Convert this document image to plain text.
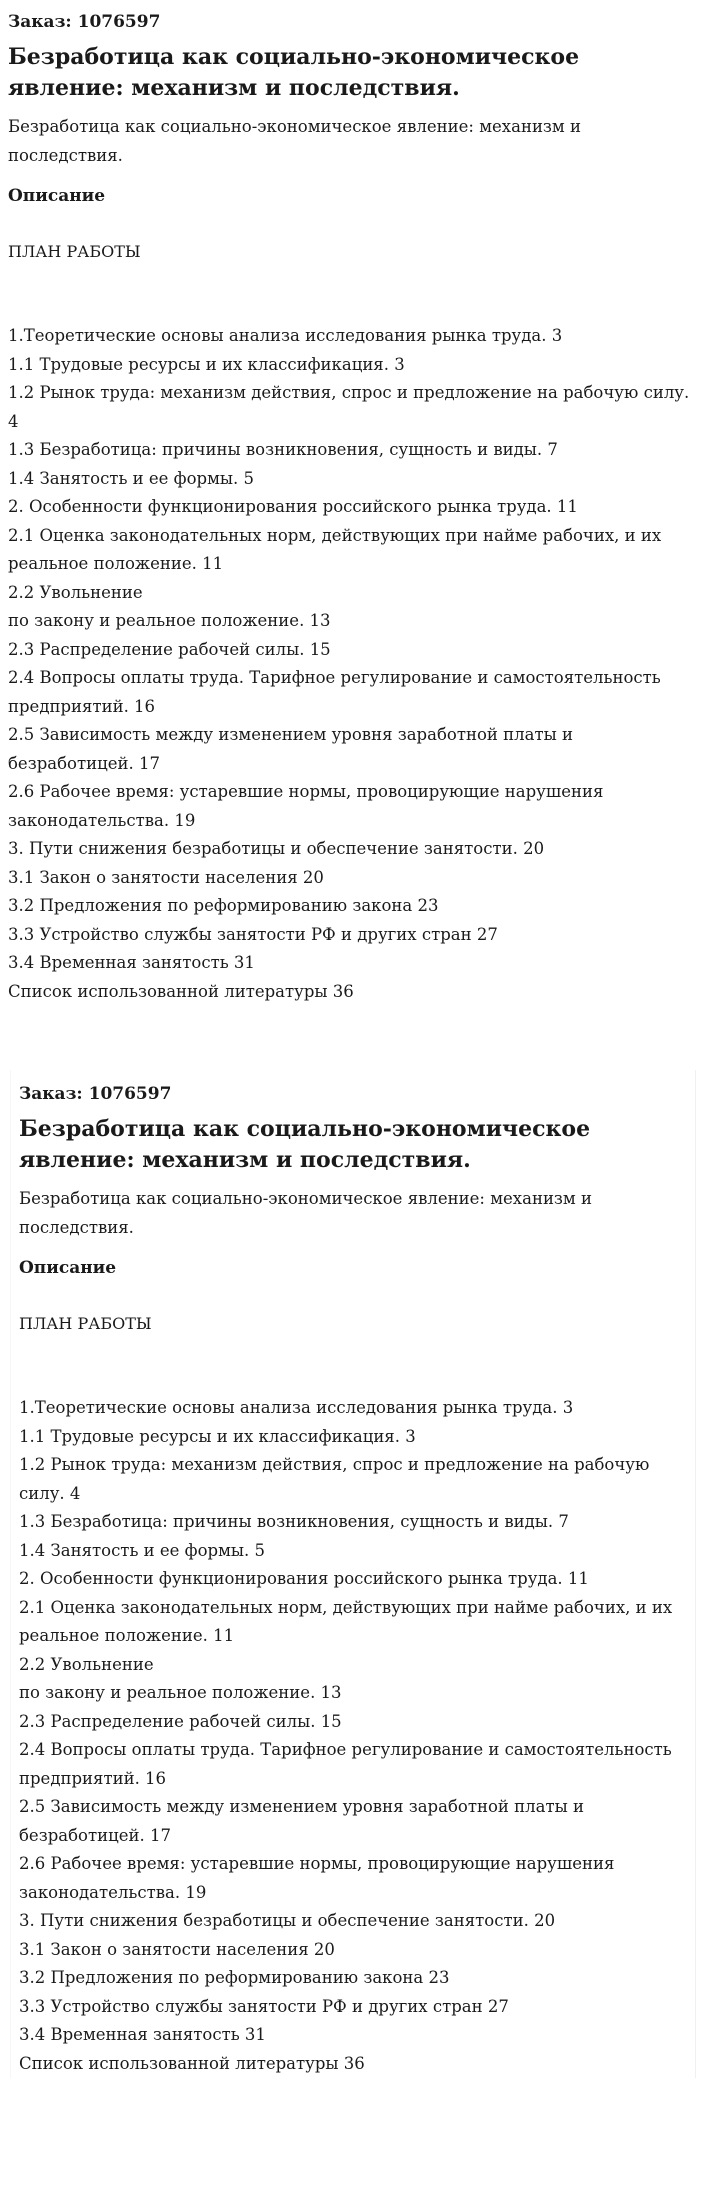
Заказ: 1076597

Безработица как социально-экономическое явление: механизм и последствия.

Безработица как социально-экономическое явление: механизм и последствия.

Описание

ПЛАН РАБОТЫ

1.Теоретические основы анализа исследования рынка труда. 3
1.1 Трудовые ресурсы и их классификация. 3
1.2 Рынок труда: механизм действия, спрос и предложение на рабочую силу. 4
1.3 Безработица: причины возникновения, сущность и виды. 7
1.4 Занятость и ее формы. 5
2. Особенности функционирования российского рынка труда. 11
2.1 Оценка законодательных норм, действующих при найме рабочих, и их реальное положение. 11
2.2 Увольнение
по закону и реальное положение. 13
2.3 Распределение рабочей силы. 15
2.4 Вопросы оплаты труда. Тарифное регулирование и самостоятельность предприятий. 16
2.5 Зависимость между изменением уровня заработной платы и безработицей. 17
2.6 Рабочее время: устаревшие нормы, провоцирующие нарушения законодательства. 19
3. Пути снижения безработицы и обеспечение занятости. 20
3.1 Закон о занятости населения 20
3.2 Предложения по реформированию закона 23
3.3 Устройство службы занятости РФ и других стран 27
3.4 Временная занятость 31
Список использованной литературы 36

Заказ: 1076597

Безработица как социально-экономическое явление: механизм и последствия.

Безработица как социально-экономическое явление: механизм и последствия.

Описание

ПЛАН РАБОТЫ

1.Теоретические основы анализа исследования рынка труда. 3
1.1 Трудовые ресурсы и их классификация. 3
1.2 Рынок труда: механизм действия, спрос и предложение на рабочую силу. 4
1.3 Безработица: причины возникновения, сущность и виды. 7
1.4 Занятость и ее формы. 5
2. Особенности функционирования российского рынка труда. 11
2.1 Оценка законодательных норм, действующих при найме рабочих, и их реальное положение. 11
2.2 Увольнение
по закону и реальное положение. 13
2.3 Распределение рабочей силы. 15
2.4 Вопросы оплаты труда. Тарифное регулирование и самостоятельность предприятий. 16
2.5 Зависимость между изменением уровня заработной платы и безработицей. 17
2.6 Рабочее время: устаревшие нормы, провоцирующие нарушения законодательства. 19
3. Пути снижения безработицы и обеспечение занятости. 20
3.1 Закон о занятости населения 20
3.2 Предложения по реформированию закона 23
3.3 Устройство службы занятости РФ и других стран 27
3.4 Временная занятость 31
Список использованной литературы 36
